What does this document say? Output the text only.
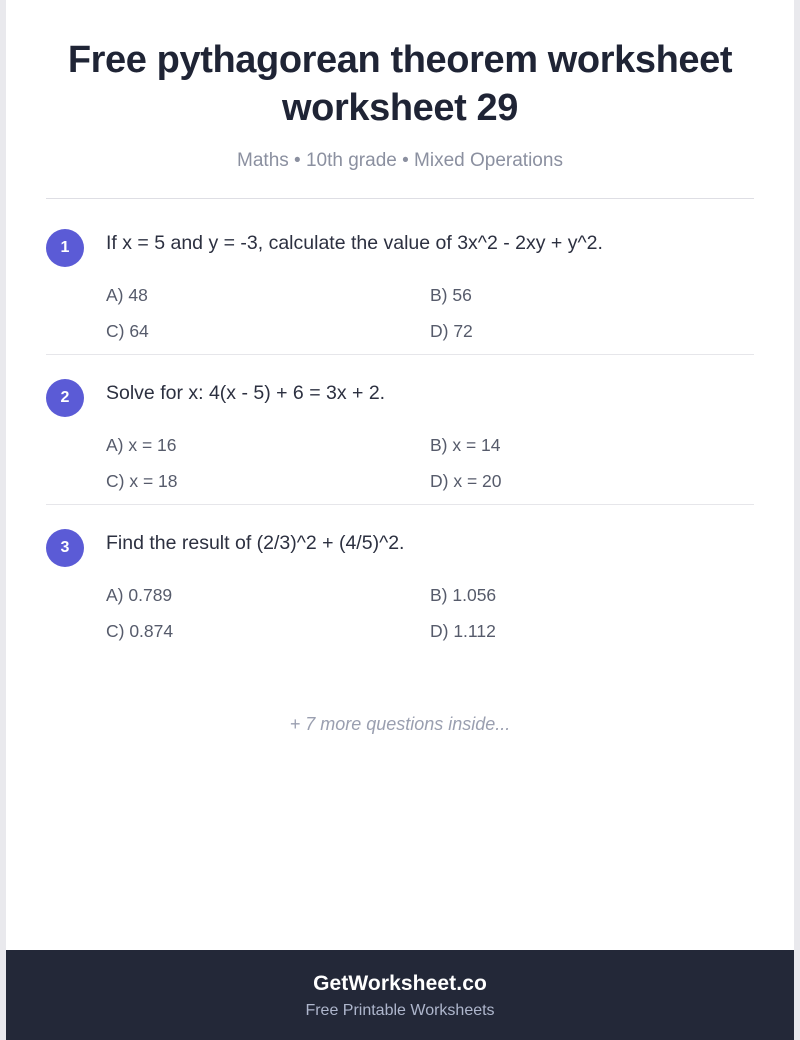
Free pythagorean theorem worksheet worksheet 29
Maths • 10th grade • Mixed Operations
1	If x = 5 and y = -3, calculate the value of 3x^2 - 2xy + y^2.
A) 48	B) 56
C) 64	D) 72
2	Solve for x: 4(x - 5) + 6 = 3x + 2.
A) x = 16	B) x = 14
C) x = 18	D) x = 20
3	Find the result of (2/3)^2 + (4/5)^2.
A) 0.789	B) 1.056
C) 0.874	D) 1.112
+ 7 more questions inside...
GetWorksheet.co
Free Printable Worksheets
